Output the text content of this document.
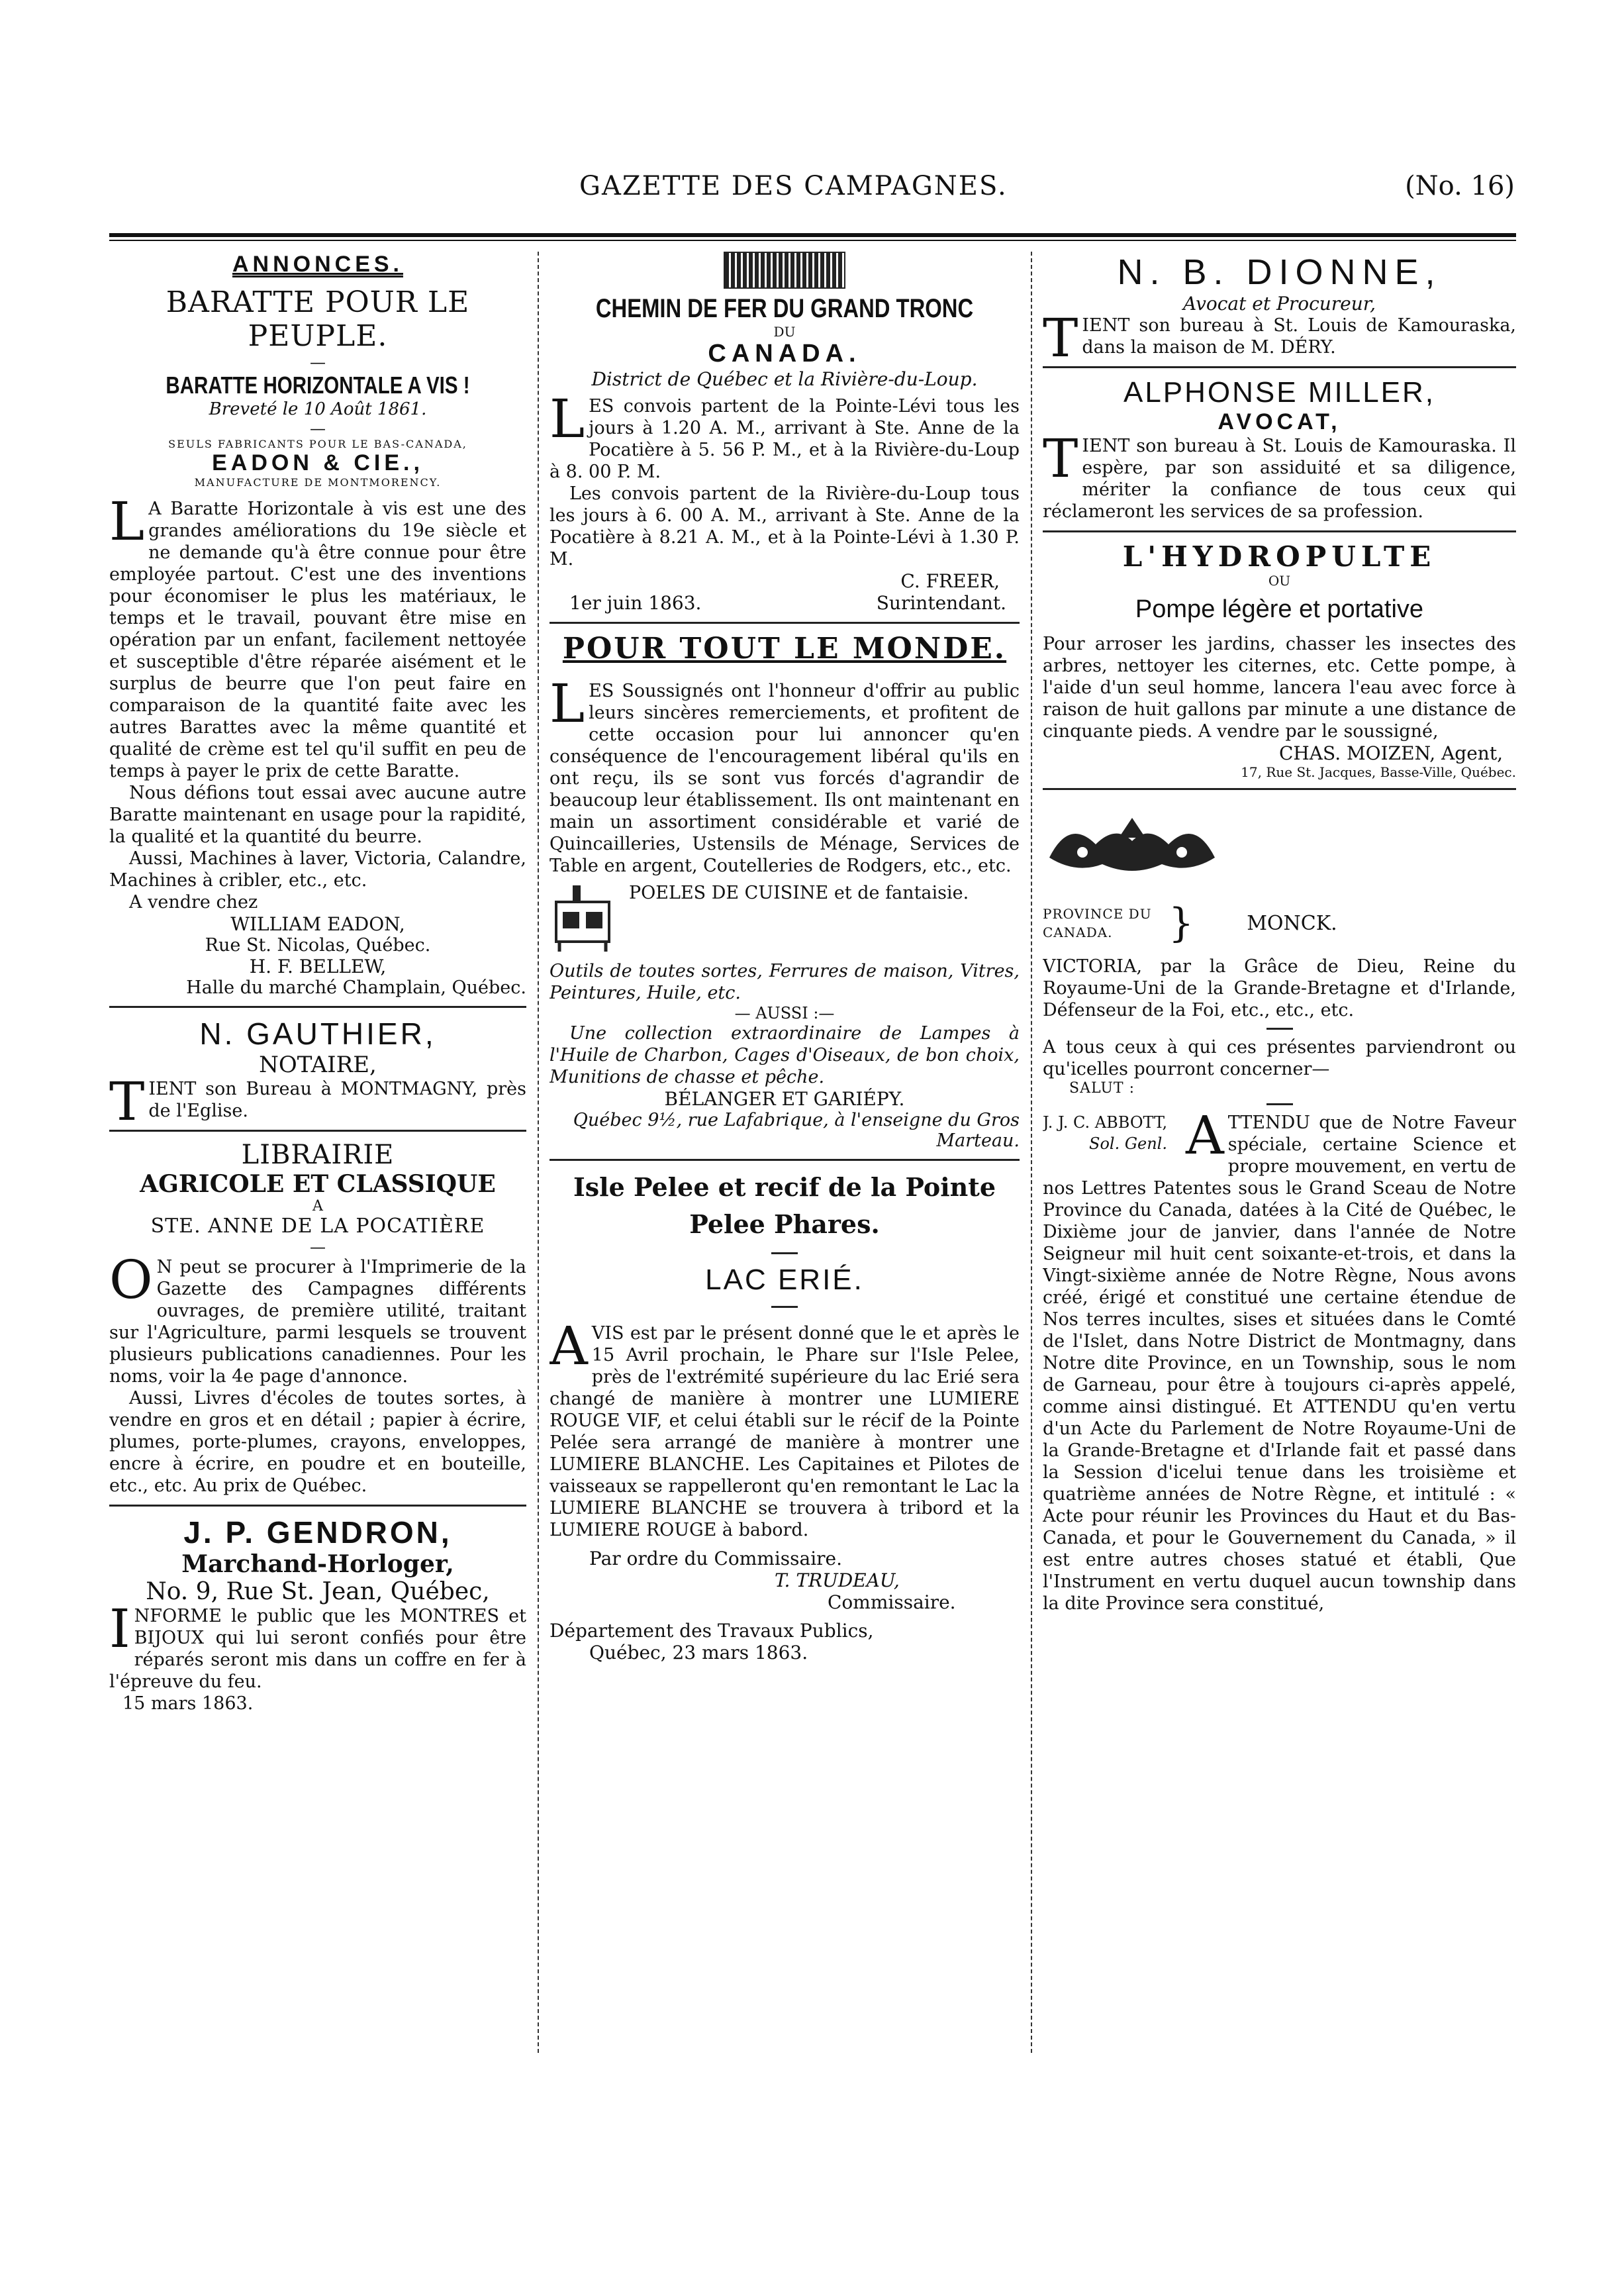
GAZETTE DES CAMPAGNES.	(No. 16)
ANNONCES.
BARATTE POUR LE PEUPLE.
—
BARATTE HORIZONTALE A VIS !
Breveté le 10 Août 1861.
—
SEULS FABRICANTS POUR LE BAS-CANADA,
EADON & CIE.,
MANUFACTURE DE MONTMORENCY.

L A Baratte Horizontale à vis est une des grandes améliorations du 19e siècle et ne demande qu'à être connue pour être employée partout. C'est une des inventions pour économiser le plus les matériaux, le temps et le travail, pouvant être mise en opération par un enfant, facilement nettoyée et susceptible d'être réparée aisément et le surplus de beurre que l'on peut faire en comparaison de la quantité faite avec les autres Barattes avec la même quantité et qualité de crème est tel qu'il suffit en peu de temps à payer le prix de cette Baratte.

Nous défions tout essai avec aucune autre Baratte maintenant en usage pour la rapidité, la qualité et la quantité du beurre.

Aussi, Machines à laver, Victoria, Calandre, Machines à cribler, etc., etc.

A vendre chez

WILLIAM EADON,
Rue St. Nicolas, Québec.
H. F. BELLEW,
Halle du marché Champlain, Québec.
N. GAUTHIER,
NOTAIRE,

TIENT son Bureau à MONTMAGNY, près de l'Eglise.

LIBRAIRIE
AGRICOLE ET CLASSIQUE
A
STE. ANNE DE LA POCATIÈRE
—

O N peut se procurer à l'Imprimerie de la Gazette des Campagnes différents ouvrages, de première utilité, traitant sur l'Agriculture, parmi lesquels se trouvent plusieurs publications canadiennes. Pour les noms, voir la 4e page d'annonce.

Aussi, Livres d'écoles de toutes sortes, à vendre en gros et en détail ; papier à écrire, plumes, porte-plumes, crayons, enveloppes, encre à écrire, en poudre et en bouteille, etc., etc. Au prix de Québec.

J. P. GENDRON,
Marchand-Horloger,
No. 9, Rue St. Jean, Québec,

INFORME le public que les MONTRES et BIJOUX qui lui seront confiés pour être réparés seront mis dans un coffre en fer à l'épreuve du feu.

15 mars 1863.

CHEMIN DE FER DU GRAND TRONC
DU
CANADA.
District de Québec et la Rivière-du-Loup.

LES convois partent de la Pointe-Lévi tous les jours à 1.20 A. M., arrivant à Ste. Anne de la Pocatière à 5. 56 P. M., et à la Rivière-du-Loup à 8. 00 P. M.

Les convois partent de la Rivière-du-Loup tous les jours à 6. 00 A. M., arrivant à Ste. Anne de la Pocatière à 8.21 A. M., et à la Pointe-Lévi à 1.30 P. M.

C. FREER,
1er juin 1863.	Surintendant.
POUR TOUT LE MONDE.

LES Soussignés ont l'honneur d'offrir au public leurs sincères remerciements, et profitent de cette occasion pour lui annoncer qu'en conséquence de l'encouragement libéral qu'ils en ont reçu, ils se sont vus forcés d'agrandir de beaucoup leur établissement. Ils ont maintenant en main un assortiment considérable et varié de Quincailleries, Ustensils de Ménage, Services de Table en argent, Coutelleries de Rodgers, etc., etc.

POELES DE CUISINE et de fantaisie.

Outils de toutes sortes, Ferrures de maison, Vitres, Peintures, Huile, etc.

— AUSSI :—

Une collection extraordinaire de Lampes à l'Huile de Charbon, Cages d'Oiseaux, de bon choix, Munitions de chasse et pêche.

BÉLANGER ET GARIÉPY.
Québec 9½, rue Lafabrique, à l'enseigne du Gros Marteau.
Isle Pelee et recif de la Pointe Pelee Phares.
LAC ERIÉ.

AVIS est par le présent donné que le et après le 15 Avril prochain, le Phare sur l'Isle Pelee, près de l'extrémité supérieure du lac Erié sera changé de manière à montrer une LUMIERE ROUGE VIF, et celui établi sur le récif de la Pointe Pelée sera arrangé de manière à montrer une LUMIERE BLANCHE. Les Capitaines et Pilotes de vaisseaux se rappelleront qu'en remontant le Lac la LUMIERE BLANCHE se trouvera à tribord et la LUMIERE ROUGE à babord.

Par ordre du Commissaire.
T. TRUDEAU,
Commissaire.
Département des Travaux Publics,
Québec, 23 mars 1863.
N. B. DIONNE,
Avocat et Procureur,

TIENT son bureau à St. Louis de Kamouraska, dans la maison de M. DÉRY.

ALPHONSE MILLER,
AVOCAT,

TIENT son bureau à St. Louis de Kamouraska. Il espère, par son assiduité et sa diligence, mériter la confiance de tous ceux qui réclameront les services de sa profession.

L'HYDROPULTE
OU
Pompe légère et portative

Pour arroser les jardins, chasser les insectes des arbres, nettoyer les citernes, etc. Cette pompe, à l'aide d'un seul homme, lancera l'eau avec force à raison de huit gallons par minute a une distance de cinquante pieds. A vendre par le soussigné,

CHAS. MOIZEN, Agent,
17, Rue St. Jacques, Basse-Ville, Québec.
PROVINCE DU
CANADA.	}	MONCK.

VICTORIA, par la Grâce de Dieu, Reine du Royaume-Uni de la Grande-Bretagne et d'Irlande, Défenseur de la Foi, etc., etc., etc.

A tous ceux à qui ces présentes parviendront ou qu'icelles pourront concerner—

SALUT :
J. J. C. ABBOTT,
Sol. Genl. ATTENDU que de Notre Faveur spéciale, certaine Science et propre mouvement, en vertu de nos Lettres Patentes sous le Grand Sceau de Notre Province du Canada, datées à la Cité de Québec, le Dixième jour de janvier, dans l'année de Notre Seigneur mil huit cent soixante-et-trois, et dans la Vingt-sixième année de Notre Règne, Nous avons créé, érigé et constitué une certaine étendue de Nos terres incultes, sises et situées dans le Comté de l'Islet, dans Notre District de Montmagny, dans Notre dite Province, en un Township, sous le nom de Garneau, pour être à toujours ci-après appelé, comme ainsi distingué. Et ATTENDU qu'en vertu d'un Acte du Parlement de Notre Royaume-Uni de la Grande-Bretagne et d'Irlande fait et passé dans la Session d'icelui tenue dans les troisième et quatrième années de Notre Règne, et intitulé : « Acte pour réunir les Provinces du Haut et du Bas-Canada, et pour le Gouvernement du Canada, » il est entre autres choses statué et établi, Que l'Instrument en vertu duquel aucun township dans la dite Province sera constitué,
